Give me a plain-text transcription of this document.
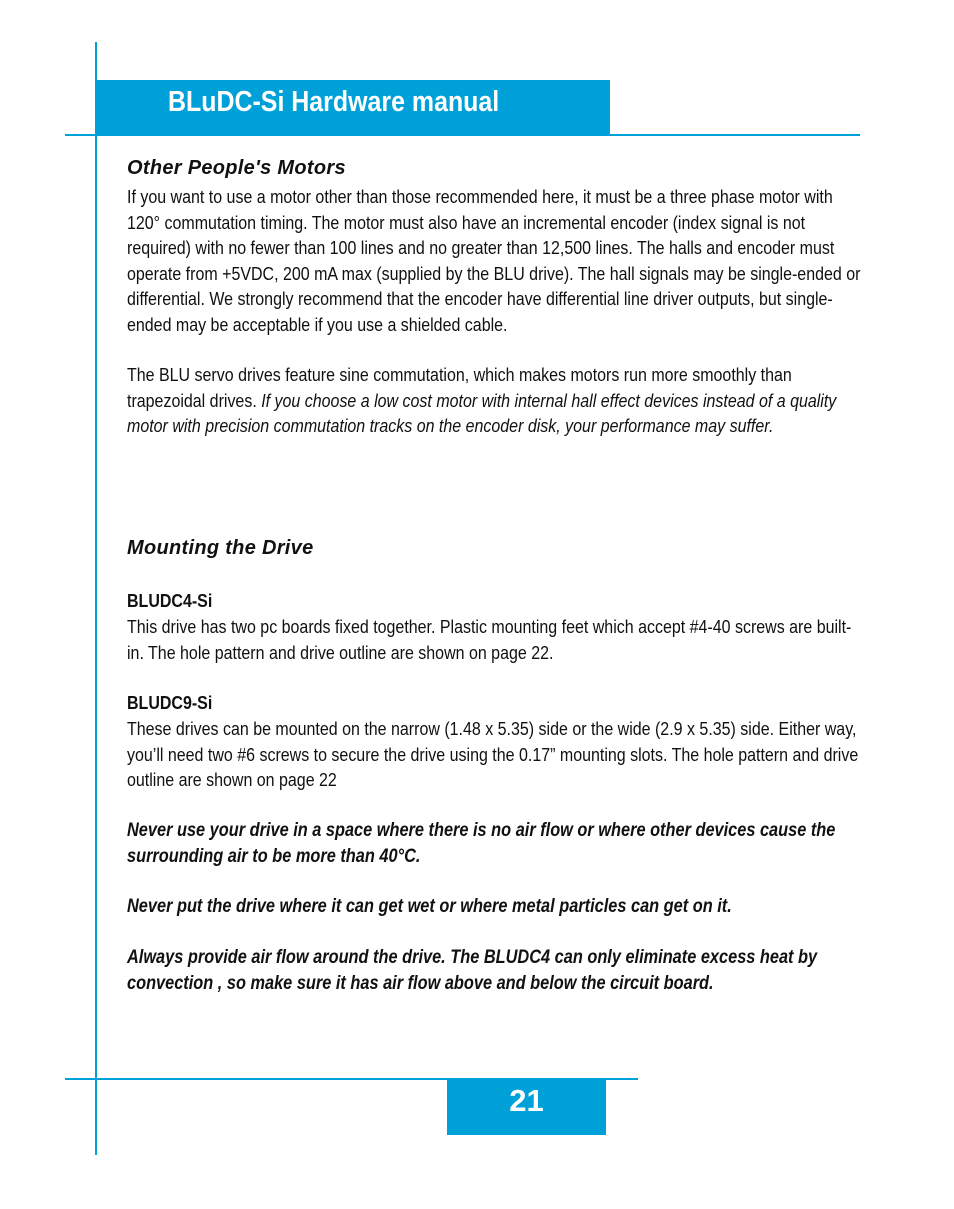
BLuDC-Si Hardware manual
Other People's Motors
If you want to use a motor other than those recommended here, it must be a three phase motor with 120° commutation timing. The motor must also have an incremental encoder (index signal is not required) with no fewer than 100 lines and no greater than 12,500 lines. The halls and encoder must operate from +5VDC, 200 mA max (supplied by the BLU drive). The hall signals may be single-ended or differential. We strongly recommend that the encoder have differential line driver outputs, but single-ended may be acceptable if you use a shielded cable.
The BLU servo drives feature sine commutation, which makes motors run more smoothly than trapezoidal drives. If you choose a low cost motor with internal hall effect devices instead of a quality motor with precision commutation tracks on the encoder disk, your performance may suffer.
Mounting the Drive
BLUDC4-Si
This drive has two pc boards fixed together. Plastic mounting feet which accept #4-40 screws are built-in. The hole pattern and drive outline are shown on page 22.
BLUDC9-Si
These drives can be mounted on the narrow (1.48 x 5.35) side or the wide (2.9 x 5.35) side. Either way, you’ll need two #6 screws to secure the drive using the 0.17” mounting slots. The hole pattern and drive outline are shown on page 22
Never use your drive in a space where there is no air flow or where other devices cause the surrounding air to be more than 40°C.
Never put the drive where it can get wet or where metal particles can get on it.
Always provide air flow around the drive. The BLUDC4 can only eliminate excess heat by convection , so make sure it has air flow above and below the circuit board.
21
